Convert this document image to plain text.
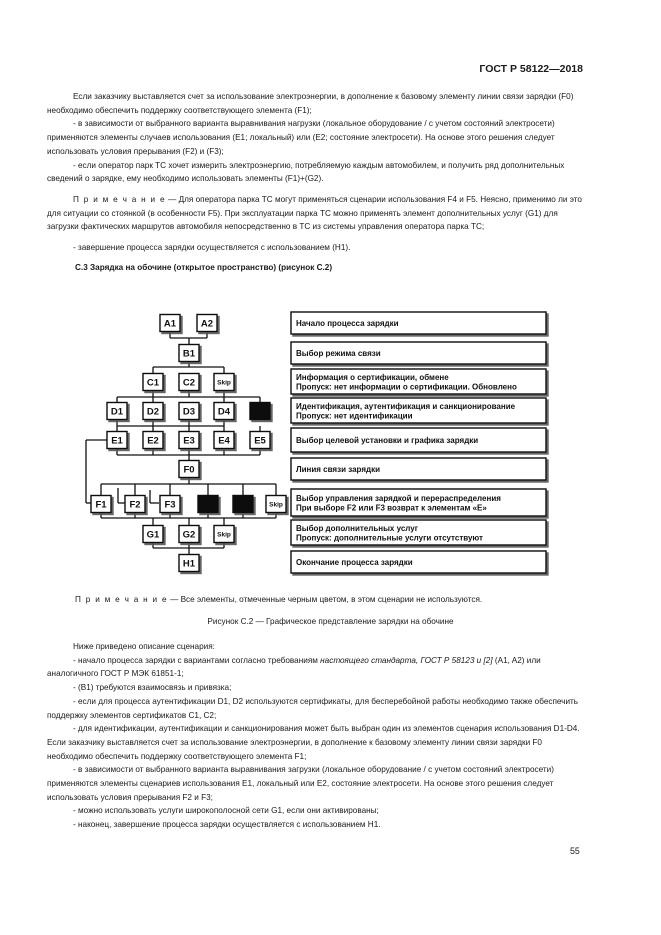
ГОСТ Р 58122—2018

Если заказчику выставляется счет за использование электроэнергии, в дополнение к базовому элементу линии связи зарядки (F0) необходимо обеспечить поддержку соответствующего элемента (F1);

- в зависимости от выбранного варианта выравнивания нагрузки (локальное оборудование / с учетом состояний электросети) применяются элементы случаев использования (E1; локальный) или (E2; состояние электросети). На основе этого решения следует использовать условия прерывания (F2) и (F3);

- если оператор парк ТС хочет измерить электроэнергию, потребляемую каждым автомобилем, и получить ряд дополнительных сведений о зарядке, ему необходимо использовать элементы (F1)+(G2).

П р и м е ч а н и е — Для оператора парка ТС могут применяться сценарии использования F4 и F5. Неясно, применимо ли это для ситуации со стоянкой (в особенности F5). При эксплуатации парка ТС можно применять элемент дополнительных услуг (G1) для загрузки фактических маршрутов автомобиля непосредственно в ТС из системы управления оператора парка ТС;

- завершение процесса зарядки осуществляется с использованием (H1).

С.3 Зарядка на обочине (открытое пространство) (рисунок С.2)

A1	A2
B1
C1	C2	Skip
D1	D2	D3 D4
E1	E2	E3 E4	E5
F0
F1 F2	F3	Skip
G1 G2	Skip
H1
Начало процесса зарядки
Выбор режима связи
Информация о сертификации, обмене
Пропуск: нет информации о сертификации. Обновлено
Идентификация, аутентификация и санкционирование
Пропуск: нет идентификации
Выбор целевой установки и графика зарядки
Линия связи зарядки
Выбор управления зарядкой и перераспределения
При выборе F2 или F3 возврат к элементам «E»
Выбор дополнительных услуг
Пропуск: дополнительные услуги отсутствуют
Окончание процесса зарядки
П р и м е ч а н и е — Все элементы, отмеченные черным цветом, в этом сценарии не используются.
Рисунок С.2 — Графическое представление зарядки на обочине

Ниже приведено описание сценария:

- начало процесса зарядки с вариантами согласно требованиям настоящего стандарта, ГОСТ Р 58123 и [2] (A1, A2) или аналогичного ГОСТ Р МЭК 61851-1;

- (B1) требуются взаимосвязь и привязка;

- если для процесса аутентификации D1, D2 используются сертификаты, для бесперебойной работы необходимо также обеспечить поддержку элементов сертификатов C1, C2;

- для идентификации, аутентификации и санкционирования может быть выбран один из элементов сценария использования D1-D4. Если заказчику выставляется счет за использование электроэнергии, в дополнение к базовому элементу линии связи зарядки F0 необходимо обеспечить поддержку соответствующего элемента F1;

- в зависимости от выбранного варианта выравнивания загрузки (локальное оборудование / с учетом состояний электросети) применяются элементы сценариев использования E1, локальный или E2, состояние электросети. На основе этого решения следует использовать условия прерывания F2 и F3;

- можно использовать услуги широкополосной сети G1, если они активированы;

- наконец, завершение процесса зарядки осуществляется с использованием H1.

55
